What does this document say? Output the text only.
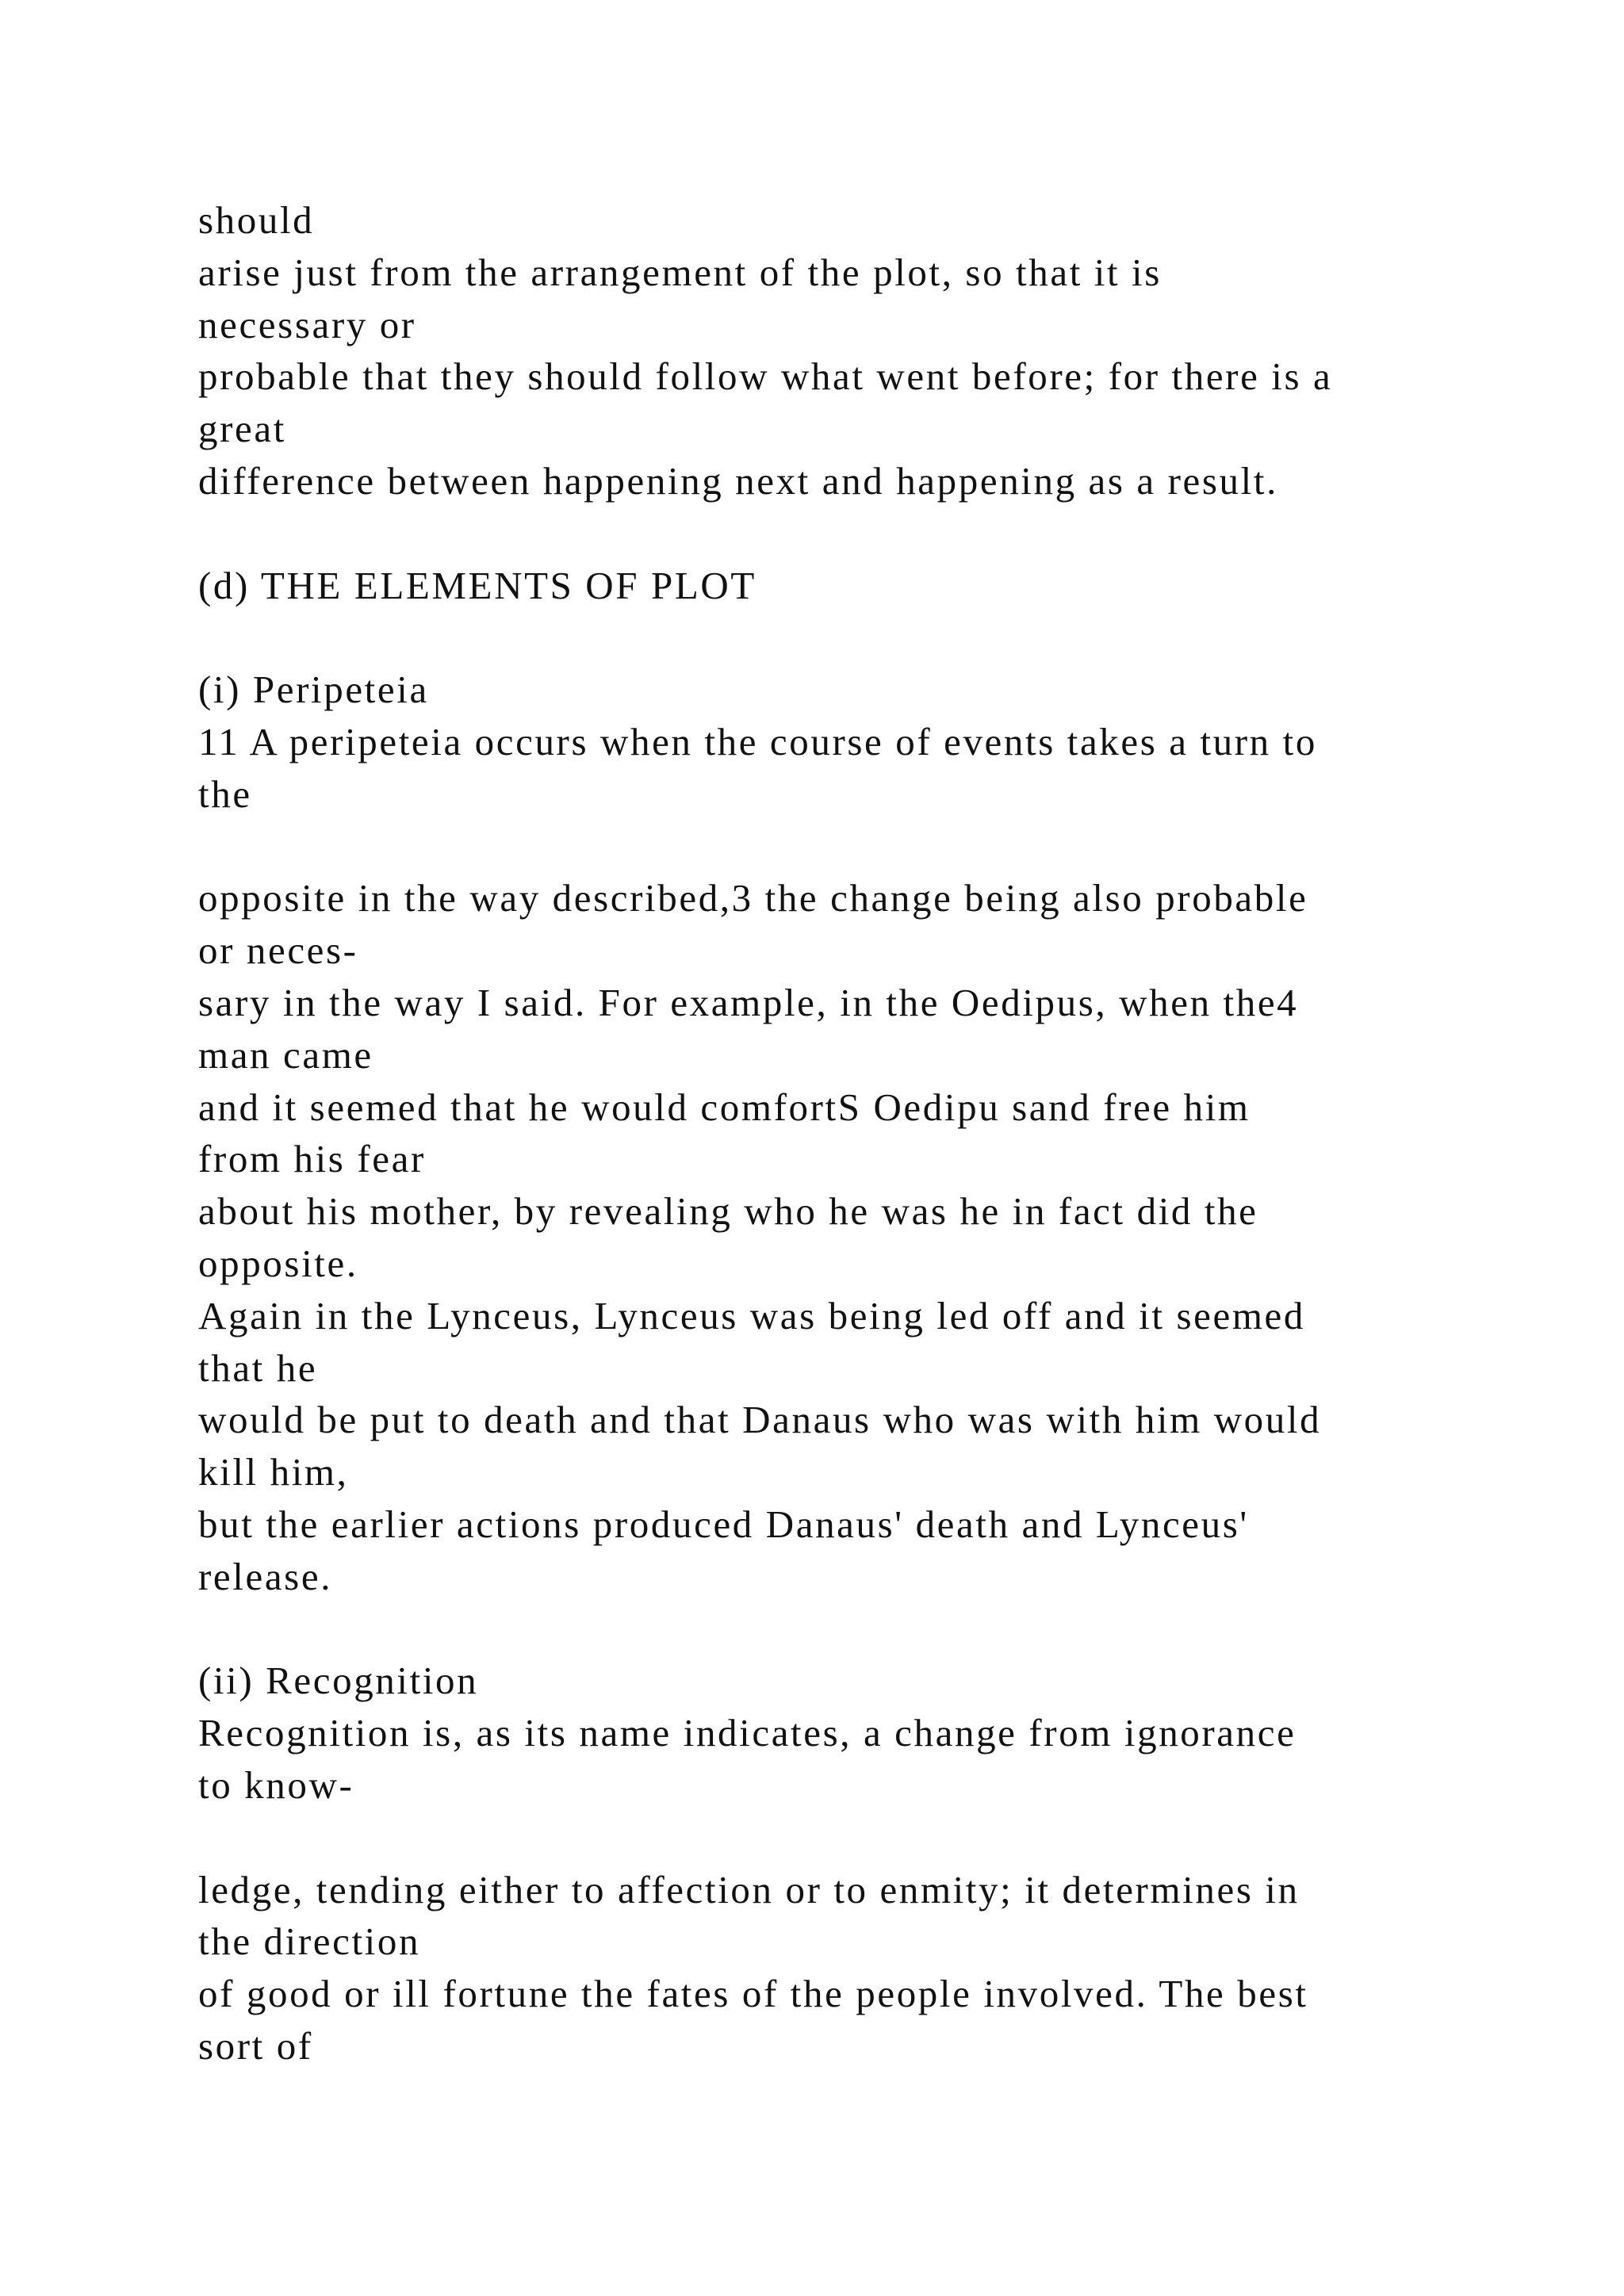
should
arise just from the arrangement of the plot, so that it is
necessary or
probable that they should follow what went before; for there is a
great
difference between happening next and happening as a result.
(d) THE ELEMENTS OF PLOT
(i) Peripeteia
11 A peripeteia occurs when the course of events takes a turn to
the
opposite in the way described,3 the change being also probable
or neces-
sary in the way I said. For example, in the Oedipus, when the4
man came
and it seemed that he would comfortS Oedipu sand free him
from his fear
about his mother, by revealing who he was he in fact did the
opposite.
Again in the Lynceus, Lynceus was being led off and it seemed
that he
would be put to death and that Danaus who was with him would
kill him,
but the earlier actions produced Danaus' death and Lynceus'
release.
(ii) Recognition
Recognition is, as its name indicates, a change from ignorance
to know-
ledge, tending either to affection or to enmity; it determines in
the direction
of good or ill fortune the fates of the people involved. The best
sort of
